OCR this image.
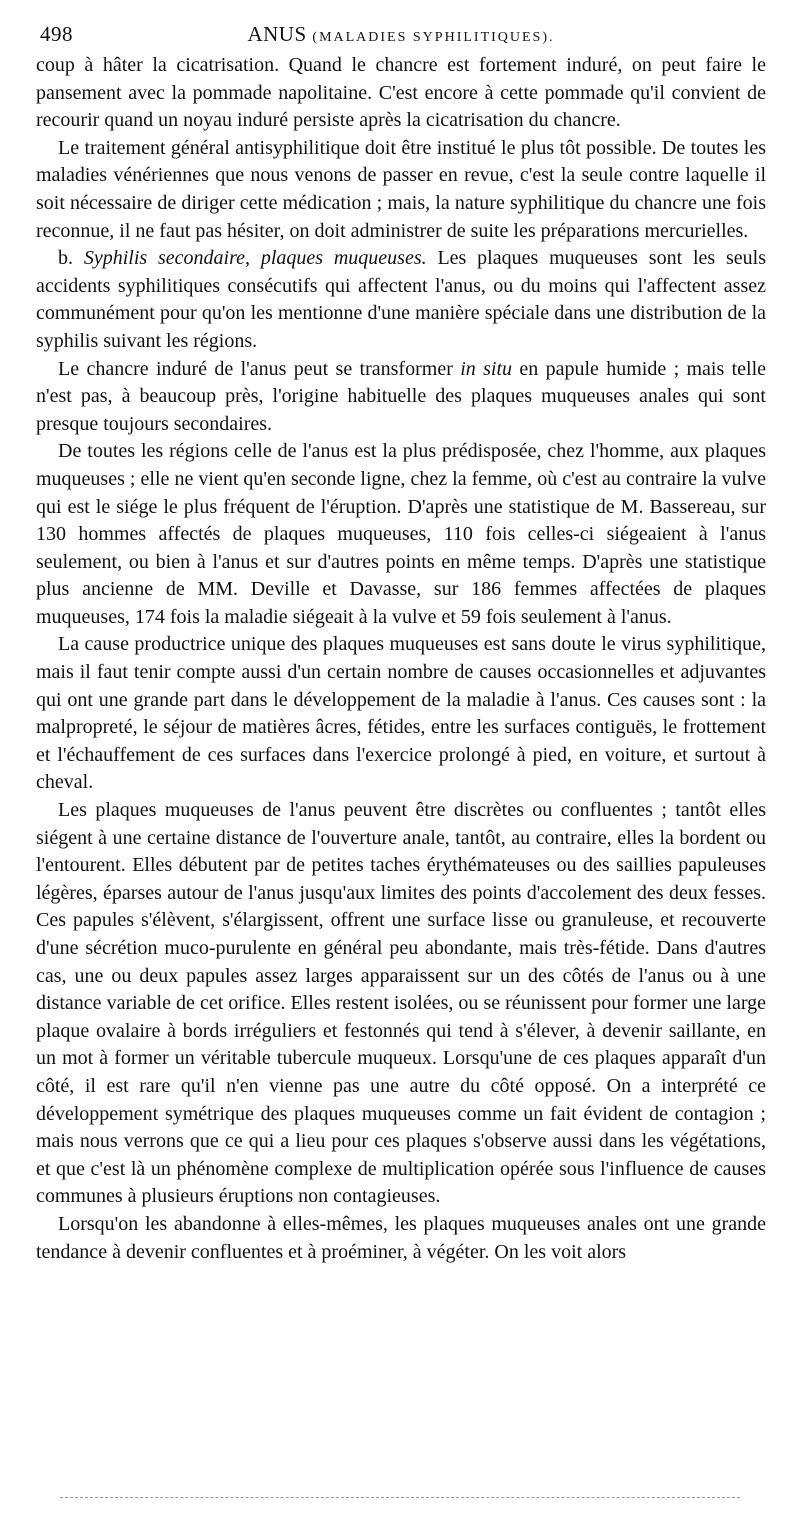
498	ANUS (MALADIES SYPHILITIQUES).

coup à hâter la cicatrisation. Quand le chancre est fortement induré, on peut faire le pansement avec la pommade napolitaine. C'est encore à cette pommade qu'il convient de recourir quand un noyau induré persiste après la cicatrisation du chancre.

Le traitement général antisyphilitique doit être institué le plus tôt possible. De toutes les maladies vénériennes que nous venons de passer en revue, c'est la seule contre laquelle il soit nécessaire de diriger cette médication ; mais, la nature syphilitique du chancre une fois reconnue, il ne faut pas hésiter, on doit administrer de suite les préparations mercurielles.

b. Syphilis secondaire, plaques muqueuses. Les plaques muqueuses sont les seuls accidents syphilitiques consécutifs qui affectent l'anus, ou du moins qui l'affectent assez communément pour qu'on les mentionne d'une manière spéciale dans une distribution de la syphilis suivant les régions.

Le chancre induré de l'anus peut se transformer in situ en papule humide ; mais telle n'est pas, à beaucoup près, l'origine habituelle des plaques muqueuses anales qui sont presque toujours secondaires.

De toutes les régions celle de l'anus est la plus prédisposée, chez l'homme, aux plaques muqueuses ; elle ne vient qu'en seconde ligne, chez la femme, où c'est au contraire la vulve qui est le siége le plus fréquent de l'éruption. D'après une statistique de M. Bassereau, sur 130 hommes affectés de plaques muqueuses, 110 fois celles-ci siégeaient à l'anus seulement, ou bien à l'anus et sur d'autres points en même temps. D'après une statistique plus ancienne de MM. Deville et Davasse, sur 186 femmes affectées de plaques muqueuses, 174 fois la maladie siégeait à la vulve et 59 fois seulement à l'anus.

La cause productrice unique des plaques muqueuses est sans doute le virus syphilitique, mais il faut tenir compte aussi d'un certain nombre de causes occasionnelles et adjuvantes qui ont une grande part dans le développement de la maladie à l'anus. Ces causes sont : la malpropreté, le séjour de matières âcres, fétides, entre les surfaces contiguës, le frottement et l'échauffement de ces surfaces dans l'exercice prolongé à pied, en voiture, et surtout à cheval.

Les plaques muqueuses de l'anus peuvent être discrètes ou confluentes ; tantôt elles siégent à une certaine distance de l'ouverture anale, tantôt, au contraire, elles la bordent ou l'entourent. Elles débutent par de petites taches érythémateuses ou des saillies papuleuses légères, éparses autour de l'anus jusqu'aux limites des points d'accolement des deux fesses. Ces papules s'élèvent, s'élargissent, offrent une surface lisse ou granuleuse, et recouverte d'une sécrétion muco-purulente en général peu abondante, mais très-fétide. Dans d'autres cas, une ou deux papules assez larges apparaissent sur un des côtés de l'anus ou à une distance variable de cet orifice. Elles restent isolées, ou se réunissent pour former une large plaque ovalaire à bords irréguliers et festonnés qui tend à s'élever, à devenir saillante, en un mot à former un véritable tubercule muqueux. Lorsqu'une de ces plaques apparaît d'un côté, il est rare qu'il n'en vienne pas une autre du côté opposé. On a interprété ce développement symétrique des plaques muqueuses comme un fait évident de contagion ; mais nous verrons que ce qui a lieu pour ces plaques s'observe aussi dans les végétations, et que c'est là un phénomène complexe de multiplication opérée sous l'influence de causes communes à plusieurs éruptions non contagieuses.

Lorsqu'on les abandonne à elles-mêmes, les plaques muqueuses anales ont une grande tendance à devenir confluentes et à proéminer, à végéter. On les voit alors
